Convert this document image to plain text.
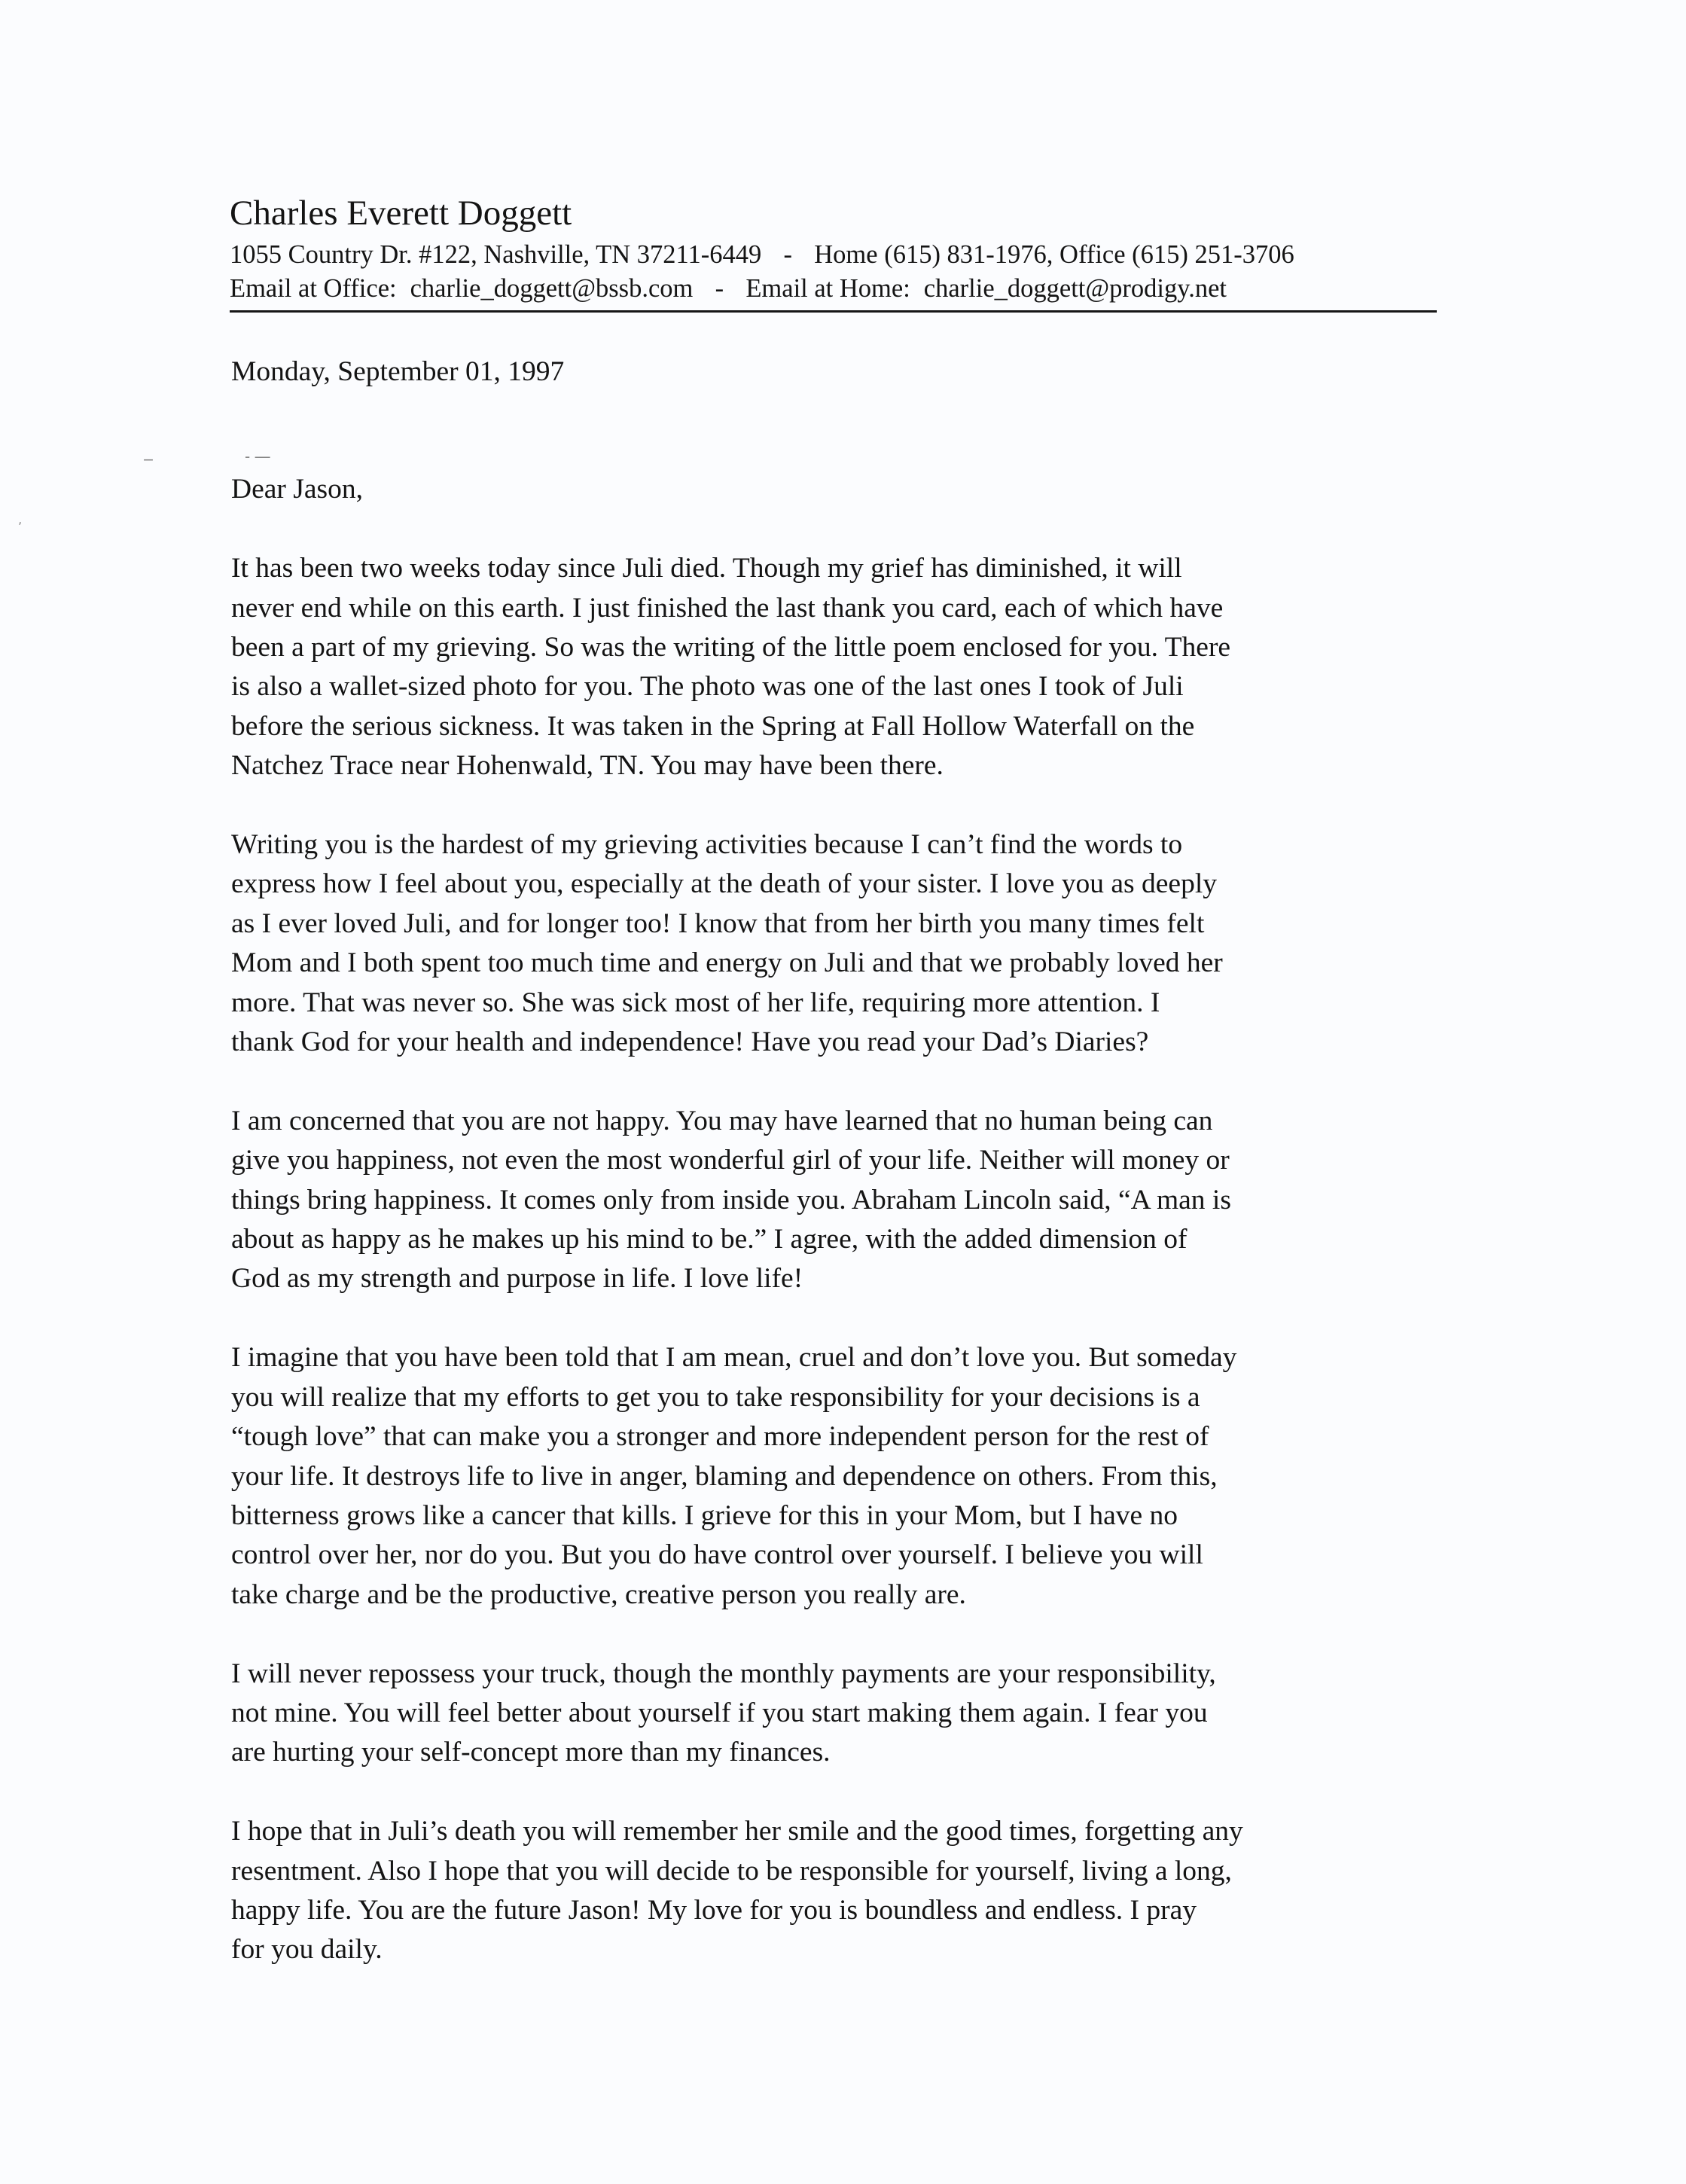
‒	- ―
ʼ
Charles Everett Doggett
1055 Country Dr. #122, Nashville, TN 37211-6449 - Home (615) 831-1976, Office (615) 251-3706
Email at Office: charlie_doggett@bssb.com - Email at Home: charlie_doggett@prodigy.net
Monday, September 01, 1997
Dear Jason,
It has been two weeks today since Juli died. Though my grief has diminished, it will
never end while on this earth. I just finished the last thank you card, each of which have
been a part of my grieving. So was the writing of the little poem enclosed for you. There
is also a wallet-sized photo for you. The photo was one of the last ones I took of Juli
before the serious sickness. It was taken in the Spring at Fall Hollow Waterfall on the
Natchez Trace near Hohenwald, TN. You may have been there.
Writing you is the hardest of my grieving activities because I can’t find the words to
express how I feel about you, especially at the death of your sister. I love you as deeply
as I ever loved Juli, and for longer too! I know that from her birth you many times felt
Mom and I both spent too much time and energy on Juli and that we probably loved her
more. That was never so. She was sick most of her life, requiring more attention. I
thank God for your health and independence! Have you read your Dad’s Diaries?
I am concerned that you are not happy. You may have learned that no human being can
give you happiness, not even the most wonderful girl of your life. Neither will money or
things bring happiness. It comes only from inside you. Abraham Lincoln said, “A man is
about as happy as he makes up his mind to be.” I agree, with the added dimension of
God as my strength and purpose in life. I love life!
I imagine that you have been told that I am mean, cruel and don’t love you. But someday
you will realize that my efforts to get you to take responsibility for your decisions is a
“tough love” that can make you a stronger and more independent person for the rest of
your life. It destroys life to live in anger, blaming and dependence on others. From this,
bitterness grows like a cancer that kills. I grieve for this in your Mom, but I have no
control over her, nor do you. But you do have control over yourself. I believe you will
take charge and be the productive, creative person you really are.
I will never repossess your truck, though the monthly payments are your responsibility,
not mine. You will feel better about yourself if you start making them again. I fear you
are hurting your self-concept more than my finances.
I hope that in Juli’s death you will remember her smile and the good times, forgetting any
resentment. Also I hope that you will decide to be responsible for yourself, living a long,
happy life. You are the future Jason! My love for you is boundless and endless. I pray
for you daily.
